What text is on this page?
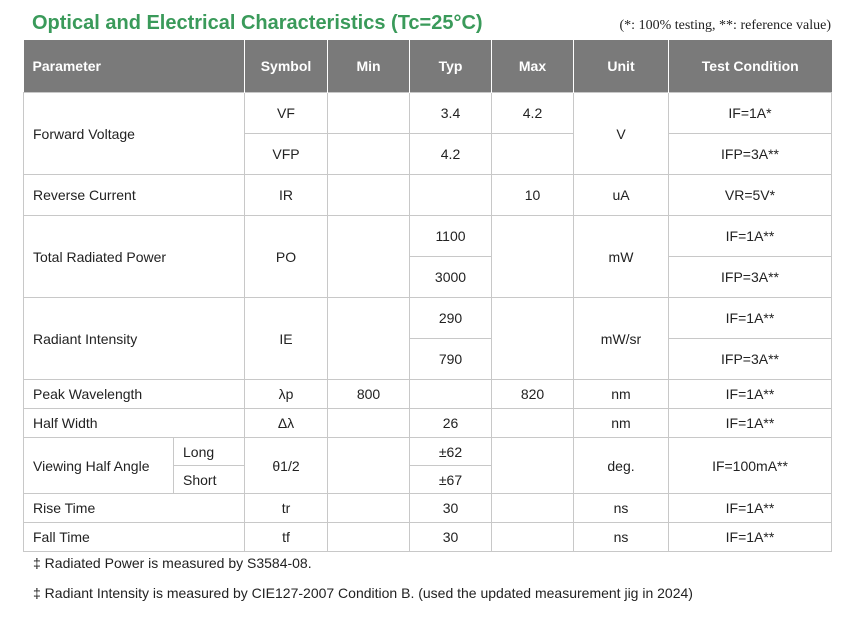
Optical and Electrical Characteristics (Tc=25°C)	(*: 100% testing, **: reference value)
Parameter		Symbol	Min	Typ	Max	Unit	Test Condition
Forward Voltage		VF		3.4	4.2	V	IF=1A*
		VFP		4.2			IFP=3A**
Reverse Current		IR			10	uA	VR=5V*
Total Radiated Power		PO		1100		mW	IF=1A**
				3000			IFP=3A**
Radiant Intensity		IE		290		mW/sr	IF=1A**
				790			IFP=3A**
Peak Wavelength		λp	800		820	nm	IF=1A**
Half Width		Δλ		26		nm	IF=1A**
Viewing Half Angle	Long	θ1/2		±62		deg.	IF=100mA**
	Short			±67			
Rise Time		tr		30		ns	IF=1A**
Fall Time		tf		30		ns	IF=1A**
‡ Radiated Power is measured by S3584-08.
‡ Radiant Intensity is measured by CIE127-2007 Condition B. (used the updated measurement jig in 2024)
